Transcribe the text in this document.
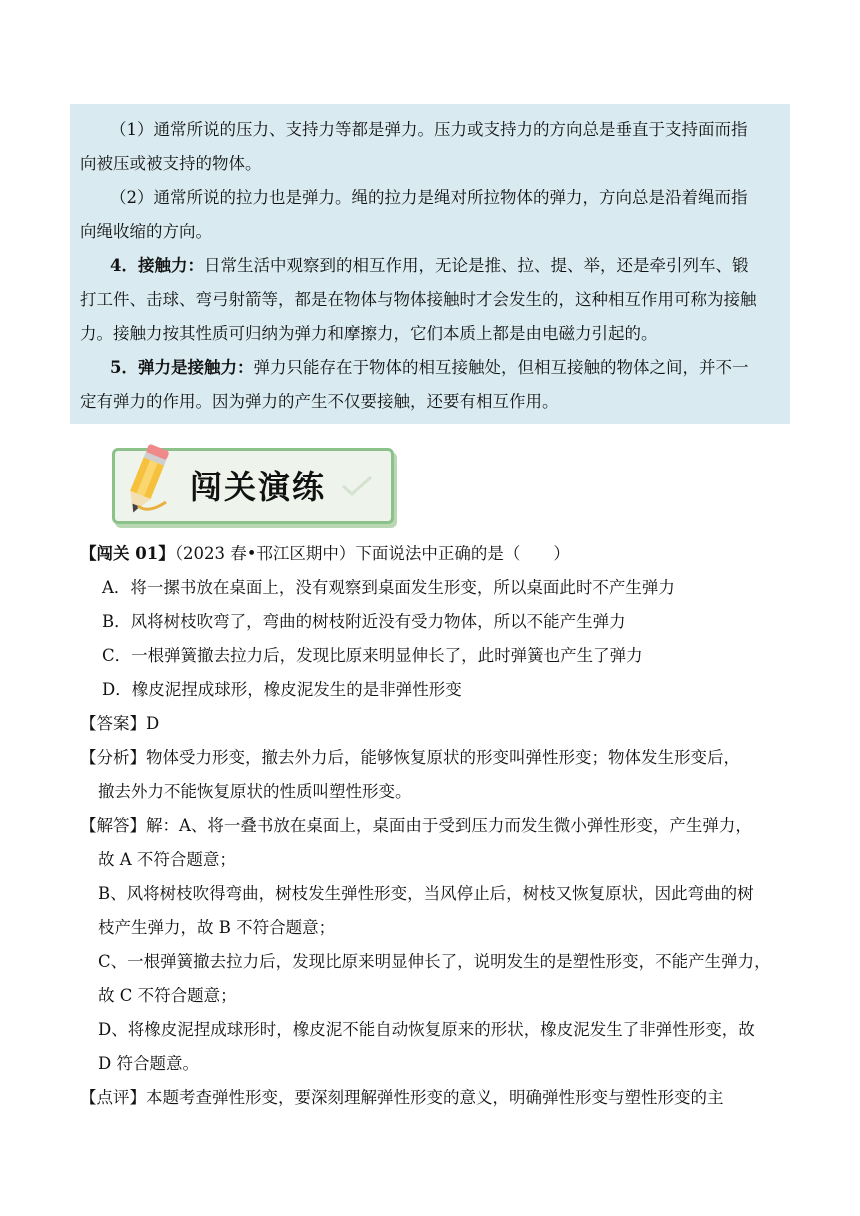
（1）通常所说的压力、支持力等都是弹力。压力或支持力的方向总是垂直于支持面而指
向被压或被支持的物体。
（2）通常所说的拉力也是弹力。绳的拉力是绳对所拉物体的弹力，方向总是沿着绳而指
向绳收缩的方向。
4．接触力：日常生活中观察到的相互作用，无论是推、拉、提、举，还是牵引列车、锻
打工件、击球、弯弓射箭等，都是在物体与物体接触时才会发生的，这种相互作用可称为接触
力。接触力按其性质可归纳为弹力和摩擦力，它们本质上都是由电磁力引起的。
5．弹力是接触力：弹力只能存在于物体的相互接触处，但相互接触的物体之间，并不一
定有弹力的作用。因为弹力的产生不仅要接触，还要有相互作用。
闯关演练
【闯关 01】（2023 春•邗江区期中）下面说法中正确的是（　　）
A．将一摞书放在桌面上，没有观察到桌面发生形变，所以桌面此时不产生弹力
B．风将树枝吹弯了，弯曲的树枝附近没有受力物体，所以不能产生弹力
C．一根弹簧撤去拉力后，发现比原来明显伸长了，此时弹簧也产生了弹力
D．橡皮泥捏成球形，橡皮泥发生的是非弹性形变
【答案】D
【分析】物体受力形变，撤去外力后，能够恢复原状的形变叫弹性形变；物体发生形变后，
撤去外力不能恢复原状的性质叫塑性形变。
【解答】解：A、将一叠书放在桌面上，桌面由于受到压力而发生微小弹性形变，产生弹力，
故 A 不符合题意；
B、风将树枝吹得弯曲，树枝发生弹性形变，当风停止后，树枝又恢复原状，因此弯曲的树
枝产生弹力，故 B 不符合题意；
C、一根弹簧撤去拉力后，发现比原来明显伸长了，说明发生的是塑性形变，不能产生弹力，
故 C 不符合题意；
D、将橡皮泥捏成球形时，橡皮泥不能自动恢复原来的形状，橡皮泥发生了非弹性形变，故
D 符合题意。
【点评】本题考查弹性形变，要深刻理解弹性形变的意义，明确弹性形变与塑性形变的主
